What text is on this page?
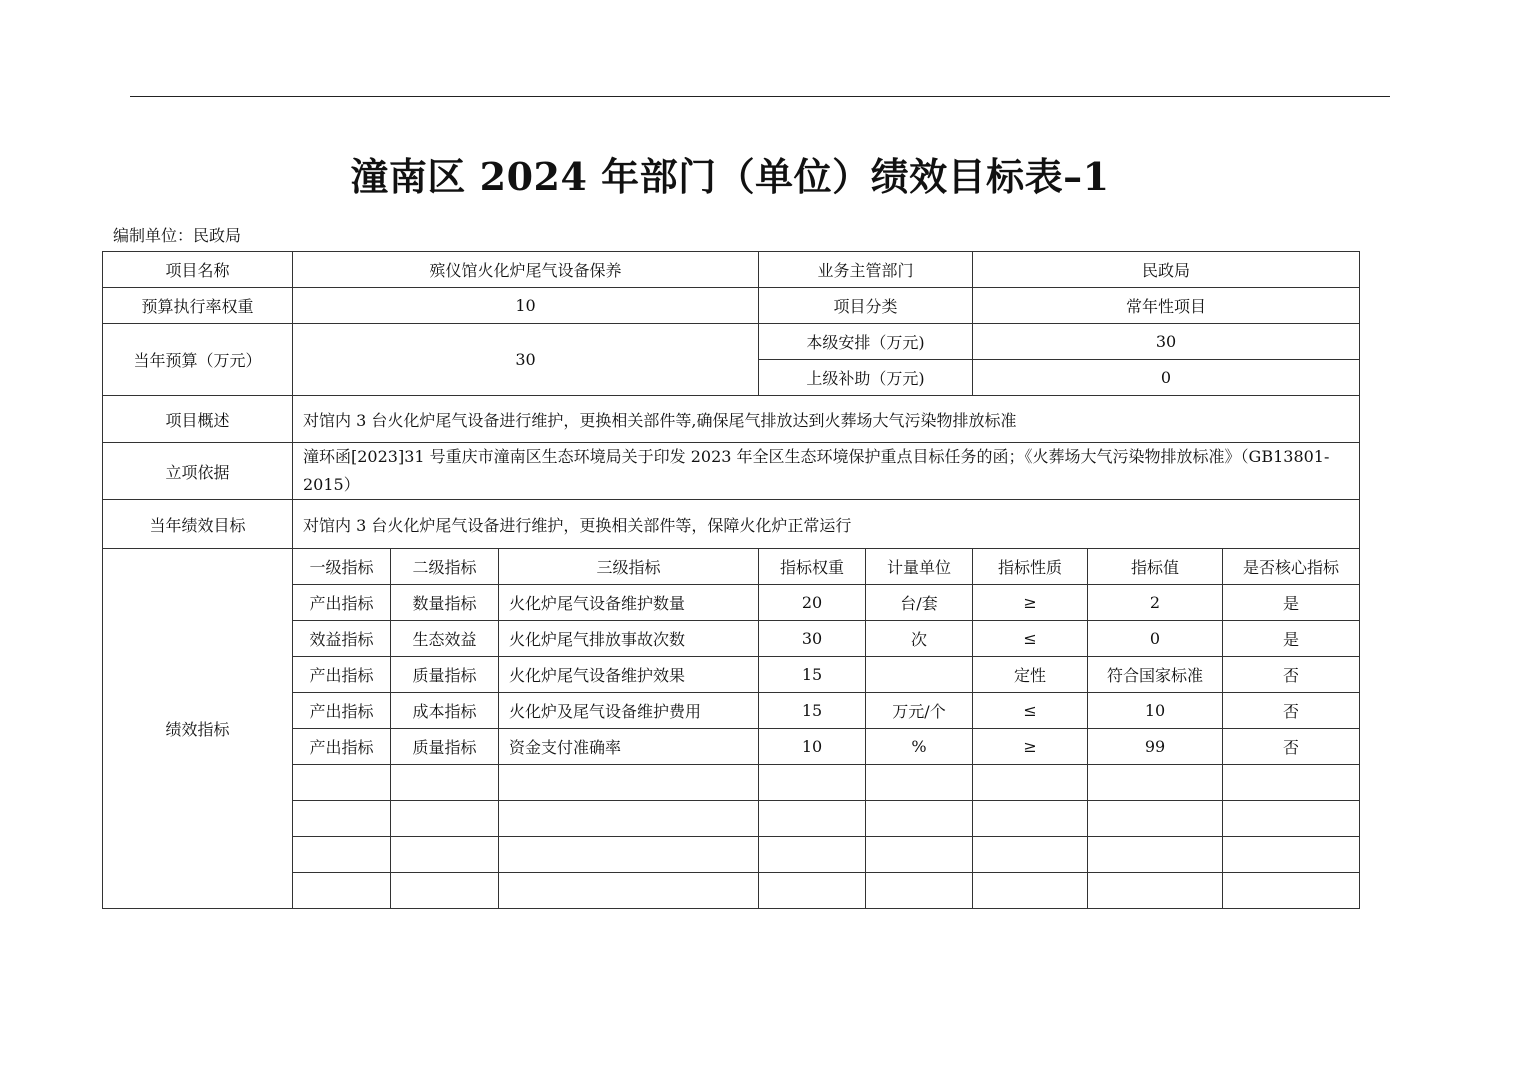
潼南区 2024 年部门（单位）绩效目标表–1
编制单位：民政局
项目名称	殡仪馆火化炉尾气设备保养			业务主管部门		民政局		
预算执行率权重	10			项目分类		常年性项目		
当年预算（万元）	30			本级安排（万元)		30		
				上级补助（万元)		0		
项目概述	对馆内 3 台火化炉尾气设备进行维护，更换相关部件等,确保尾气排放达到火葬场大气污染物排放标准							
立项依据	潼环函[2023]31 号重庆市潼南区生态环境局关于印发 2023 年全区生态环境保护重点目标任务的函；《火葬场大气污染物排放标准》（GB13801-2015）							
当年绩效目标	对馆内 3 台火化炉尾气设备进行维护，更换相关部件等，保障火化炉正常运行							
绩效指标	一级指标	二级指标	三级指标	指标权重	计量单位	指标性质	指标值	是否核心指标
	产出指标	数量指标	火化炉尾气设备维护数量	20	台/套	≥	2	是
	效益指标	生态效益	火化炉尾气排放事故次数	30	次	≤	0	是
	产出指标	质量指标	火化炉尾气设备维护效果	15		定性	符合国家标准	否
	产出指标	成本指标	火化炉及尾气设备维护费用	15	万元/个	≤	10	否
	产出指标	质量指标	资金支付准确率	10	%	≥	99	否
